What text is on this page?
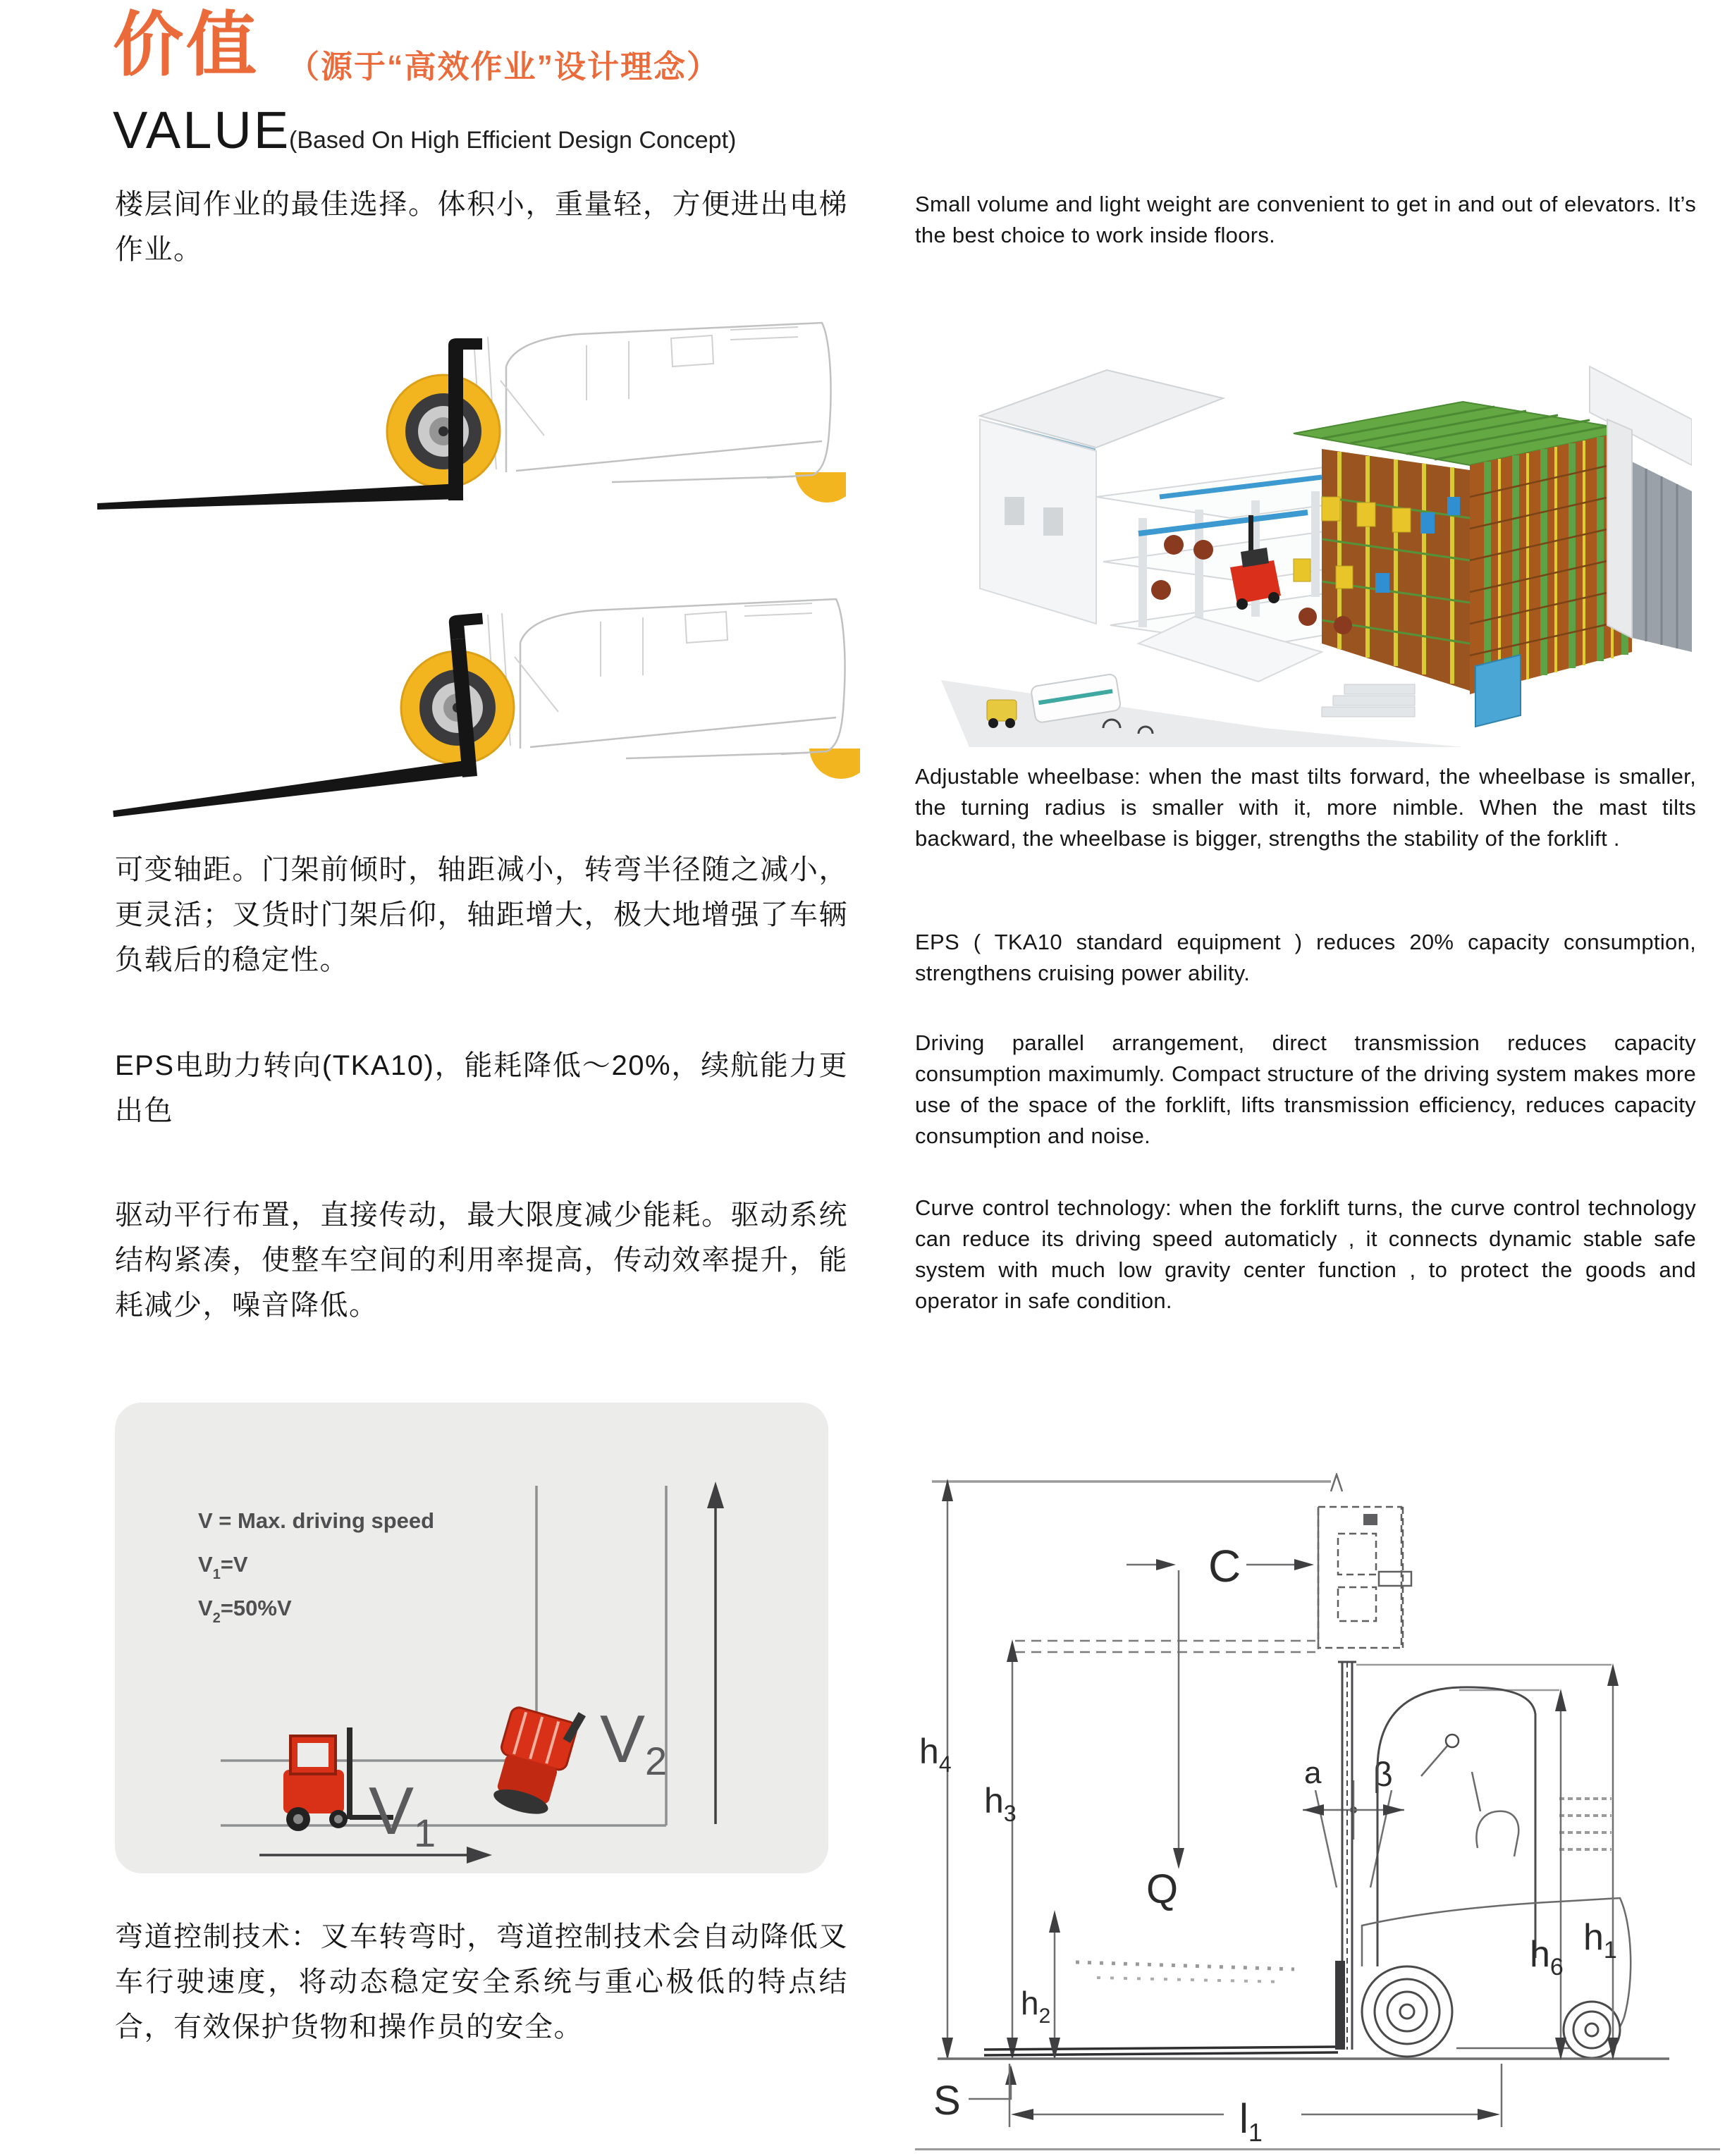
价值 （源于“高效作业”设计理念）
VALUE
(Based On High Efficient Design Concept)
楼层间作业的最佳选择。体积小，重量轻，方便进出电梯作业。
可变轴距。门架前倾时，轴距减小，转弯半径随之减小，更灵活；叉货时门架后仰，轴距增大，极大地增强了车辆负载后的稳定性。
EPS电助力转向(TKA10)，能耗降低～20%，续航能力更出色
驱动平行布置，直接传动，最大限度减少能耗。驱动系统结构紧凑，使整车空间的利用率提高，传动效率提升，能耗减少，噪音降低。
弯道控制技术：叉车转弯时，弯道控制技术会自动降低叉车行驶速度，将动态稳定安全系统与重心极低的特点结合，有效保护货物和操作员的安全。
Small volume and light weight are convenient to get in and out of elevators. It’s the best choice to work inside floors.
Adjustable wheelbase: when the mast tilts forward, the wheelbase is smaller, the turning radius is smaller with it, more nimble. When the mast tilts backward, the wheelbase is bigger, strengths the stability of the forklift .
EPS ( TKA10 standard equipment ) reduces 20% capacity consumption, strengthens cruising power ability.
Driving parallel arrangement, direct transmission reduces capacity consumption maximumly. Compact structure of the driving system makes more use of the space of the forklift, lifts transmission efficiency, reduces capacity consumption and noise.
Curve control technology: when the forklift turns, the curve control technology can reduce its driving speed automaticly , it connects dynamic stable safe system with much low gravity center function , to protect the goods and operator in safe condition.
V = Max. driving speed
$V_1=V$
$V_2=50\%V$
V1
V2	$h_4$
$h_3$
C
Q
a β
$h_2$
S	$l_1$
$h_6$
$h_1$
